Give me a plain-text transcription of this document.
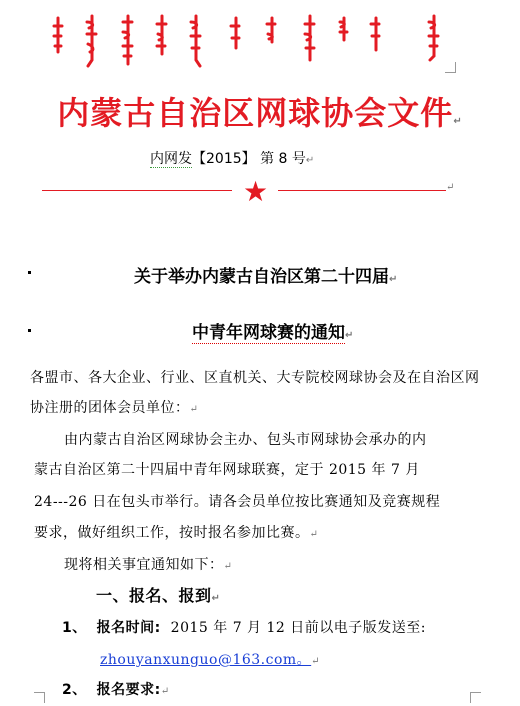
内蒙古自治区网球协会文件↵
内网发【2015】 第 8 号↵
★	↵
关于举办内蒙古自治区第二十四届↵
中青年网球赛的通知↵
各盟市、各大企业、行业、区直机关、大专院校网球协会及在自治区网
协注册的团体会员单位：↵
由内蒙古自治区网球协会主办、包头市网球协会承办的内
蒙古自治区第二十四届中青年网球联赛，定于 2015 年 7 月
24---26 日在包头市举行。请各会员单位按比赛通知及竞赛规程
要求，做好组织工作，按时报名参加比赛。↵
现将相关事宜通知如下：↵
一、报名、报到↵
1、 报名时间: 2015 年 7 月 12 日前以电子版发送至:
zhouyanxunguo@163.com。↵
2、 报名要求:↵
